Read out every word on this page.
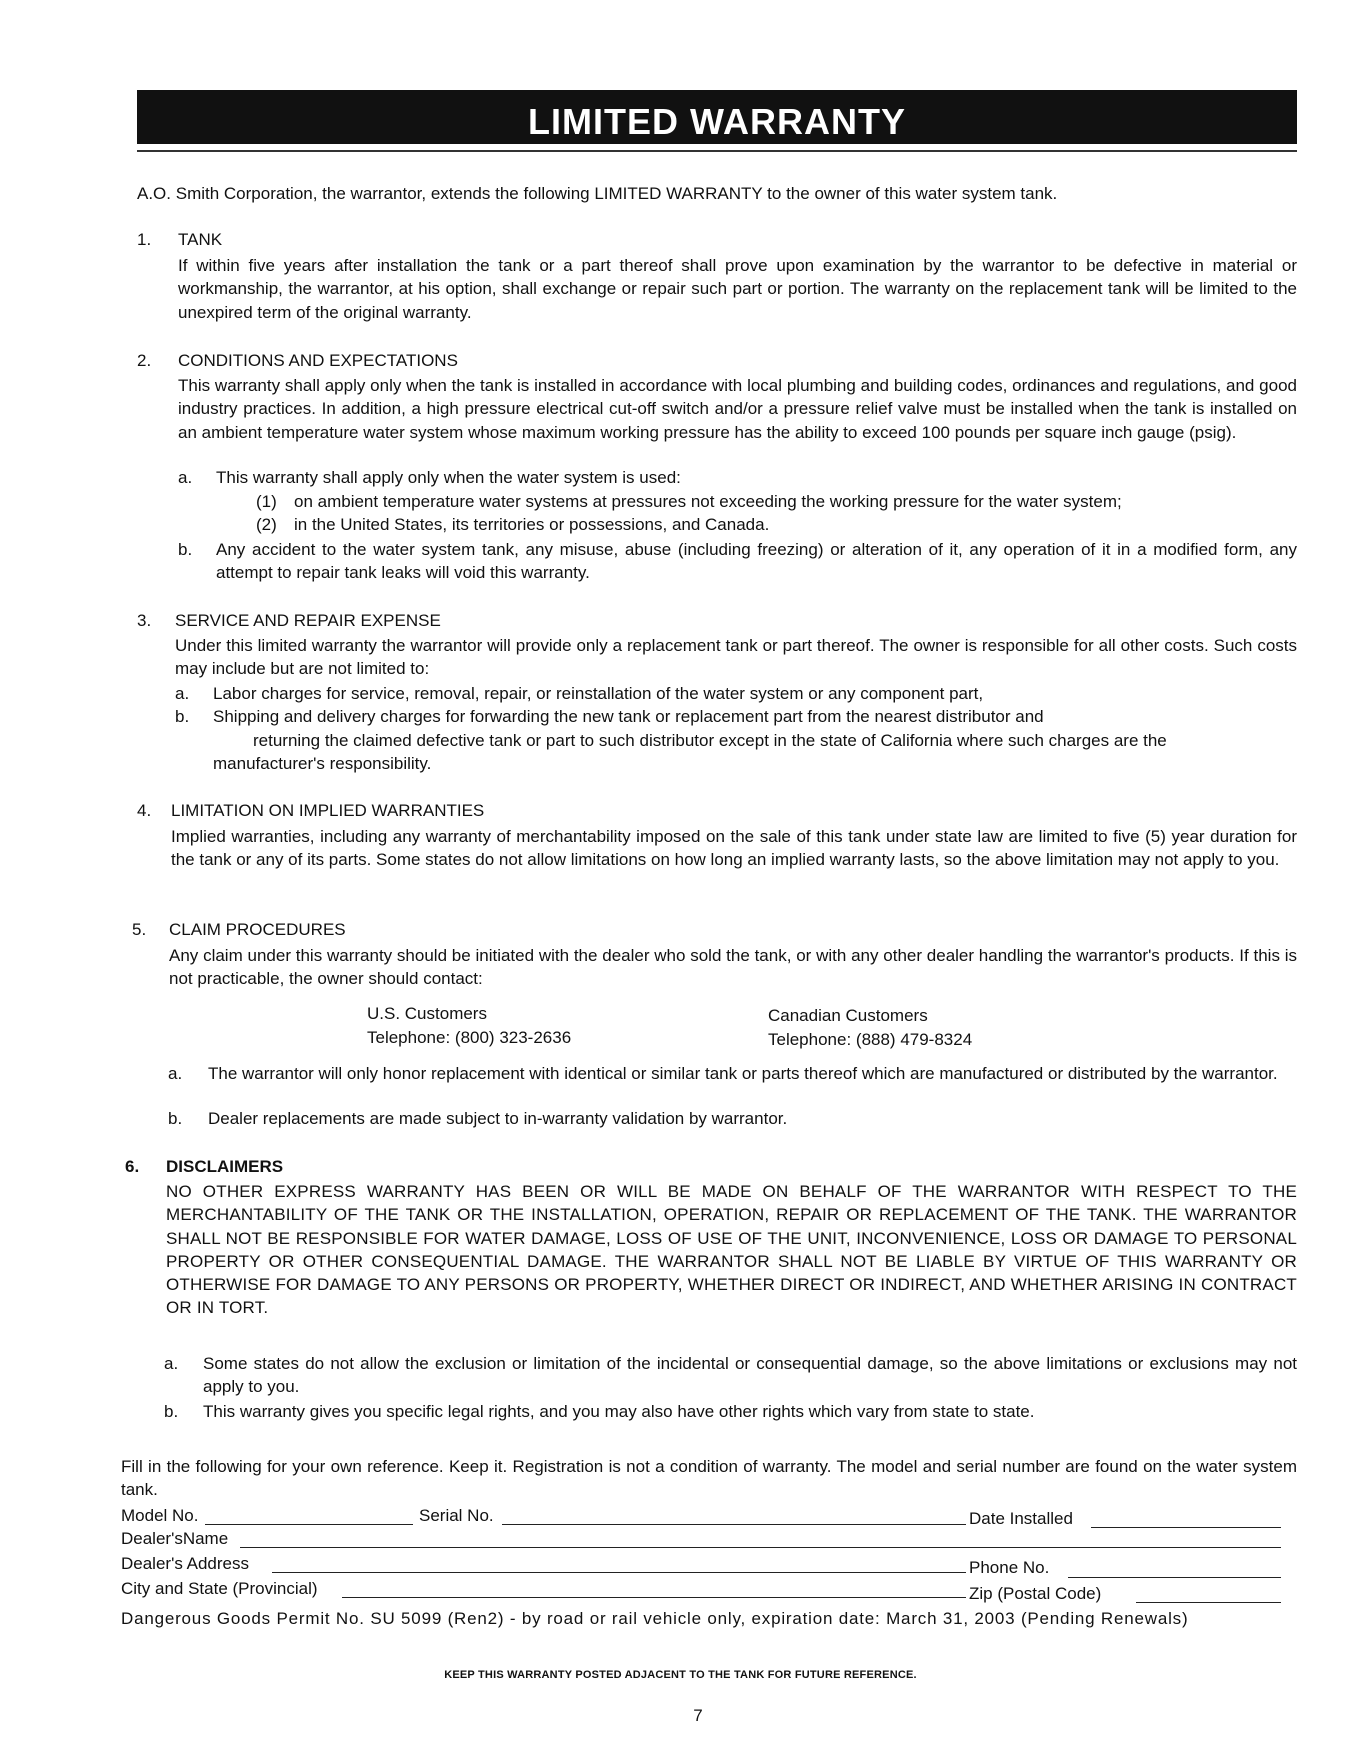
LIMITED WARRANTY
A.O. Smith Corporation, the warrantor, extends the following LIMITED WARRANTY to the owner of this water system tank.
1. TANK
If within five years after installation the tank or a part thereof shall prove upon examination by the warrantor to be defective in material or workmanship, the warrantor, at his option, shall exchange or repair such part or portion. The warranty on the replacement tank will be limited to the unexpired term of the original warranty.
2. CONDITIONS AND EXPECTATIONS
This warranty shall apply only when the tank is installed in accordance with local plumbing and building codes, ordinances and regulations, and good industry practices. In addition, a high pressure electrical cut-off switch and/or a pressure relief valve must be installed when the tank is installed on an ambient temperature water system whose maximum working pressure has the ability to exceed 100 pounds per square inch gauge (psig).
a. This warranty shall apply only when the water system is used:
(1) on ambient temperature water systems at pressures not exceeding the working pressure for the water system;
(2) in the United States, its territories or possessions, and Canada.
b. Any accident to the water system tank, any misuse, abuse (including freezing) or alteration of it, any operation of it in a modified form, any attempt to repair tank leaks will void this warranty.
3. SERVICE AND REPAIR EXPENSE
Under this limited warranty the warrantor will provide only a replacement tank or part thereof. The owner is responsible for all other costs. Such costs may include but are not limited to:
a. Labor charges for service, removal, repair, or reinstallation of the water system or any component part,
b. Shipping and delivery charges for forwarding the new tank or replacement part from the nearest distributor and
returning the claimed defective tank or part to such distributor except in the state of California where such charges are the
manufacturer's responsibility.
4. LIMITATION ON IMPLIED WARRANTIES
Implied warranties, including any warranty of merchantability imposed on the sale of this tank under state law are limited to five (5) year duration for the tank or any of its parts. Some states do not allow limitations on how long an implied warranty lasts, so the above limitation may not apply to you.
5. CLAIM PROCEDURES
Any claim under this warranty should be initiated with the dealer who sold the tank, or with any other dealer handling the warrantor's products. If this is not practicable, the owner should contact:
U.S. Customers
Telephone: (800) 323-2636
Canadian Customers
Telephone: (888) 479-8324
a. The warrantor will only honor replacement with identical or similar tank or parts thereof which are manufactured or distributed by the warrantor.
b. Dealer replacements are made subject to in-warranty validation by warrantor.
6. DISCLAIMERS
NO OTHER EXPRESS WARRANTY HAS BEEN OR WILL BE MADE ON BEHALF OF THE WARRANTOR WITH RESPECT TO THE MERCHANTABILITY OF THE TANK OR THE INSTALLATION, OPERATION, REPAIR OR REPLACEMENT OF THE TANK. THE WARRANTOR SHALL NOT BE RESPONSIBLE FOR WATER DAMAGE, LOSS OF USE OF THE UNIT, INCONVENIENCE, LOSS OR DAMAGE TO PERSONAL PROPERTY OR OTHER CONSEQUENTIAL DAMAGE. THE WARRANTOR SHALL NOT BE LIABLE BY VIRTUE OF THIS WARRANTY OR OTHERWISE FOR DAMAGE TO ANY PERSONS OR PROPERTY, WHETHER DIRECT OR INDIRECT, AND WHETHER ARISING IN CONTRACT OR IN TORT.
a. Some states do not allow the exclusion or limitation of the incidental or consequential damage, so the above limitations or exclusions may not apply to you.
b. This warranty gives you specific legal rights, and you may also have other rights which vary from state to state.
Fill in the following for your own reference. Keep it. Registration is not a condition of warranty. The model and serial number are found on the water system tank.
Model No.	Serial No.	Date Installed
Dealer'sName
Dealer's Address	Phone No.
City and State (Provincial)	Zip (Postal Code)
Dangerous Goods Permit No. SU 5099 (Ren2) - by road or rail vehicle only, expiration date: March 31, 2003 (Pending Renewals)
KEEP THIS WARRANTY POSTED ADJACENT TO THE TANK FOR FUTURE REFERENCE.
7
